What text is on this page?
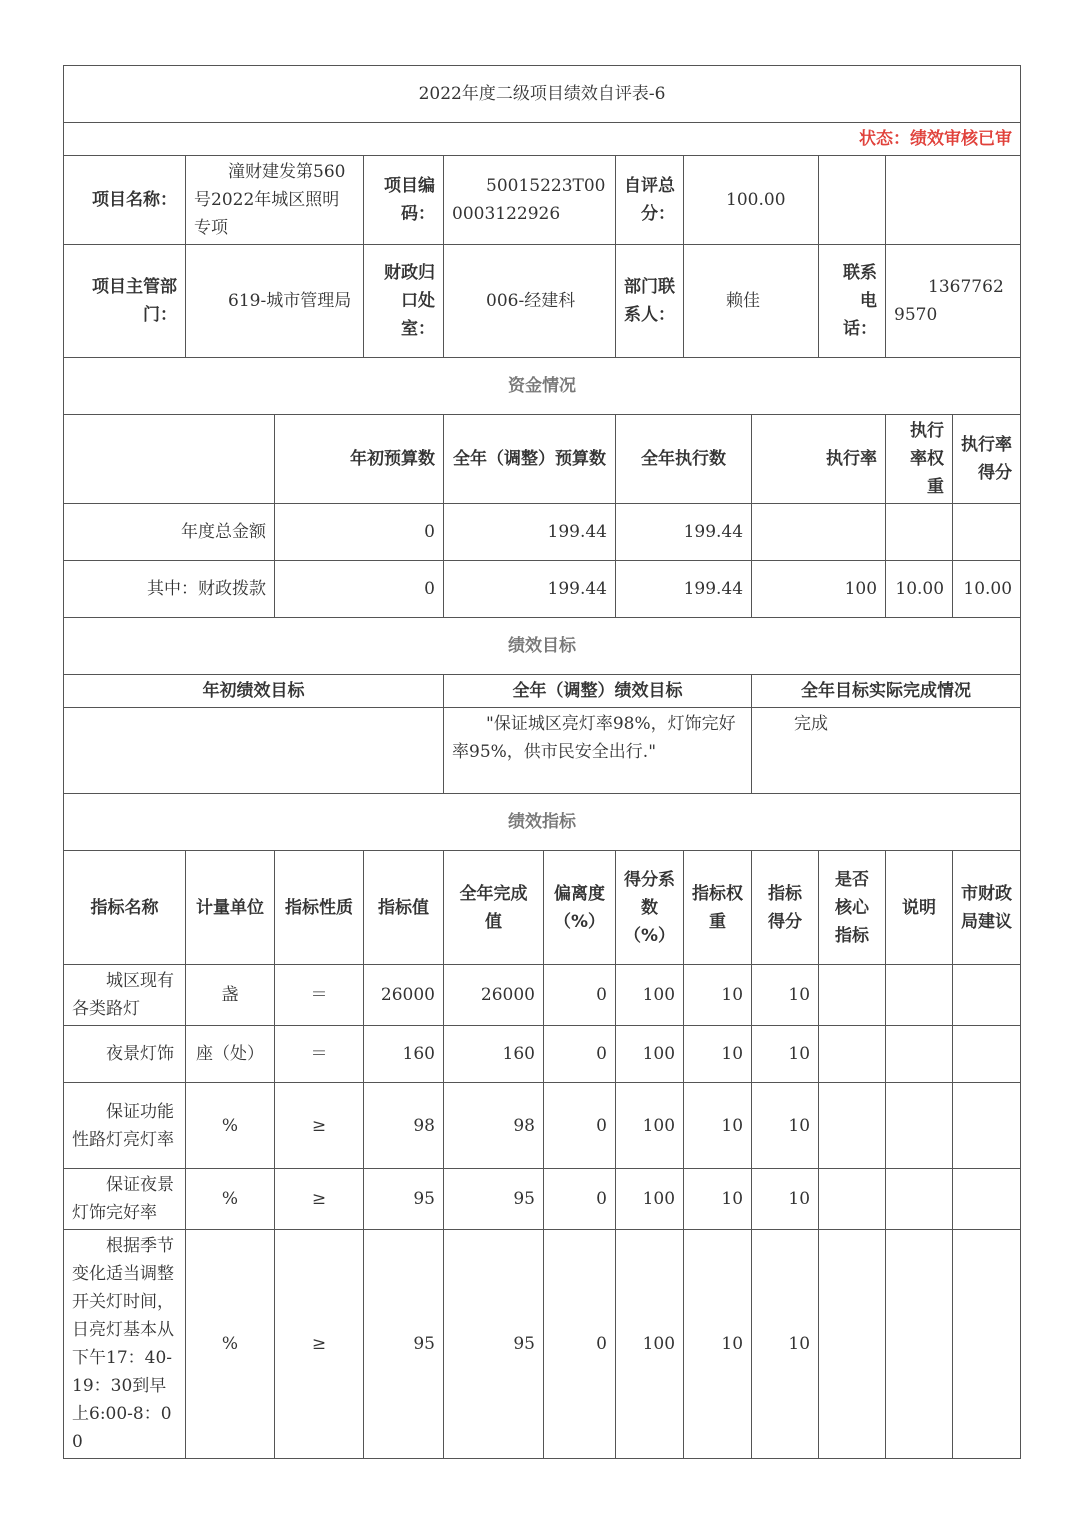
2022年度二级项目绩效自评表-6											
状态：绩效审核已审											
项目名称：	潼财建发第560号2022年城区照明专项		项目编码：	50015223T000003122926		自评总分：	100.00				
项目主管部门：	619-城市管理局		财政归口处室：	006-经建科		部门联系人：	赖佳		联系电话：	13677629570	
资金情况											
		年初预算数		全年（调整）预算数		全年执行数		执行率		执行率权重	执行率得分
年度总金额		0		199.44		199.44					
其中：财政拨款		0		199.44		199.44		100		10.00	10.00
绩效目标											
年初绩效目标				全年（调整）绩效目标				全年目标实际完成情况			
				"保证城区亮灯率98%，灯饰完好率95%，供市民安全出行."				完成			
绩效指标											
指标名称	计量单位	指标性质	指标值	全年完成值	偏离度（%）	得分系数（%）	指标权重	指标得分	是否核心指标	说明	市财政局建议
城区现有各类路灯	盏	＝	26000	26000	0	100	10	10			
夜景灯饰	座（处）	＝	160	160	0	100	10	10			
保证功能性路灯亮灯率	%	≥	98	98	0	100	10	10			
保证夜景灯饰完好率	%	≥	95	95	0	100	10	10			
根据季节变化适当调整开关灯时间，日亮灯基本从下午17：40-19：30到早上6:00-8：00	%	≥	95	95	0	100	10	10			
